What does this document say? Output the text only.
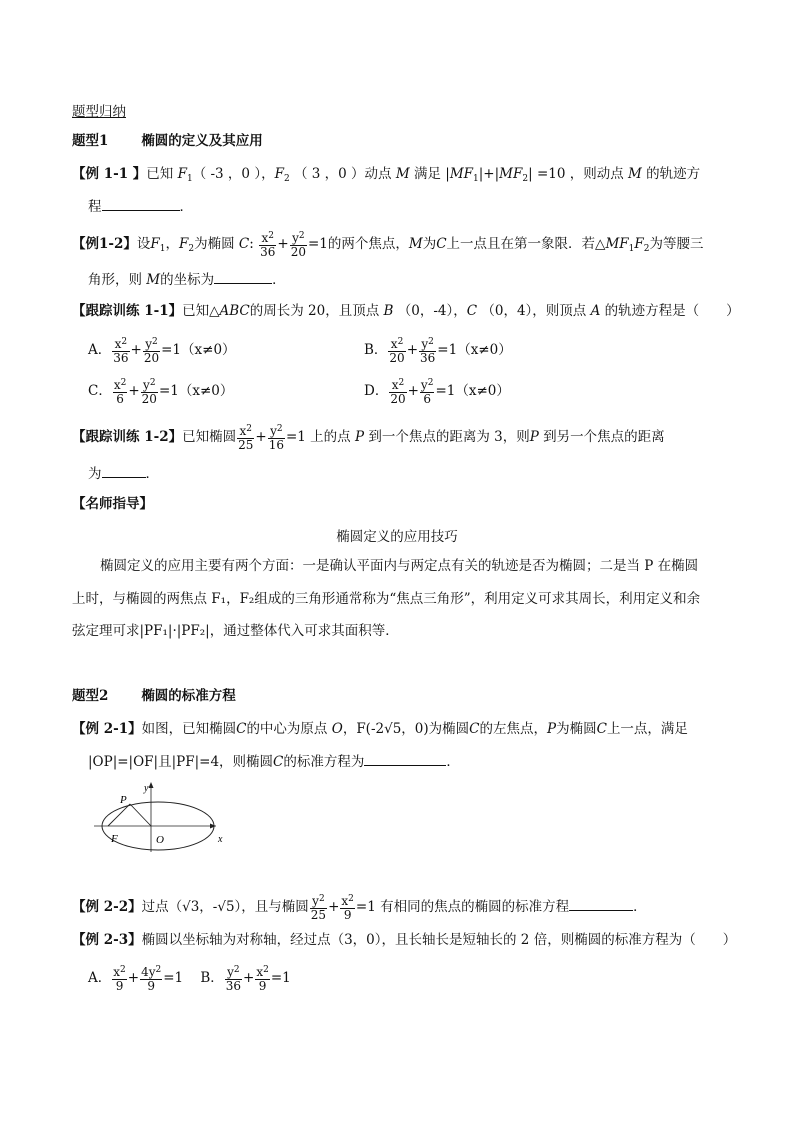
题型归纳
题型1 椭圆的定义及其应用
【例 1-1 】已知 $F_1$（ -3 ，0 ），$F_2$ （ 3 ，0 ）动点 M 满足 $|MF_1|+|MF_2| =10$ ，则动点 M 的轨迹方
程	．
【例1-2】设$F_1$，$F_2$为椭圆 C: $\frac{x^2}{36} + \frac{y^2}{20} =1$的两个焦点，M为C上一点且在第一象限．若$\triangle MF_1F_2$为等腰三
角形，则 M的坐标为	．
【跟踪训练 1-1】已知△ABC的周长为 20，且顶点 B （0，-4），C （0，4），则顶点 A 的轨迹方程是（　　）
A． $\frac{x^2}{36} + \frac{y^2}{20} =1(x\ne 0)$	B． $\frac{x^2}{20} + \frac{y^2}{36} =1(x\ne 0)$
C． $\frac{x^2}{6} + \frac{y^2}{20} =1(x\ne 0)$	D． $\frac{x^2}{20} + \frac{y^2}{6} =1(x\ne 0)$
【跟踪训练 1-2】已知椭圆 $\frac{x^2}{25} + \frac{y^2}{16} =1$ 上的点 P 到一个焦点的距离为 3，则P 到另一个焦点的距离
为	．
【名师指导】
椭圆定义的应用技巧
椭圆定义的应用主要有两个方面：一是确认平面内与两定点有关的轨迹是否为椭圆；二是当 P 在椭圆
上时，与椭圆的两焦点 F₁，F₂组成的三角形通常称为“焦点三角形”，利用定义可求其周长，利用定义和余
弦定理可求|PF₁|·|PF₂|，通过整体代入可求其面积等．
题型2 椭圆的标准方程
【例 2-1】如图，已知椭圆C的中心为原点 O，F(-2√5，0)为椭圆C的左焦点，P为椭圆C上一点，满足
|OP|=|OF|且|PF|=4，则椭圆C的标准方程为	．
P
y
x
F	O
【例 2-2】过点（√3，-√5），且与椭圆 $\frac{y^2}{25} + \frac{x^2}{9} =1$ 有相同的焦点的椭圆的标准方程	．
【例 2-3】椭圆以坐标轴为对称轴，经过点（3，0），且长轴长是短轴长的 2 倍，则椭圆的标准方程为（　　）
A． $\frac{x^2}{9} + \frac{4y^2}{9} =1$ B． $\frac{y^2}{36} + \frac{x^2}{9} =1$
